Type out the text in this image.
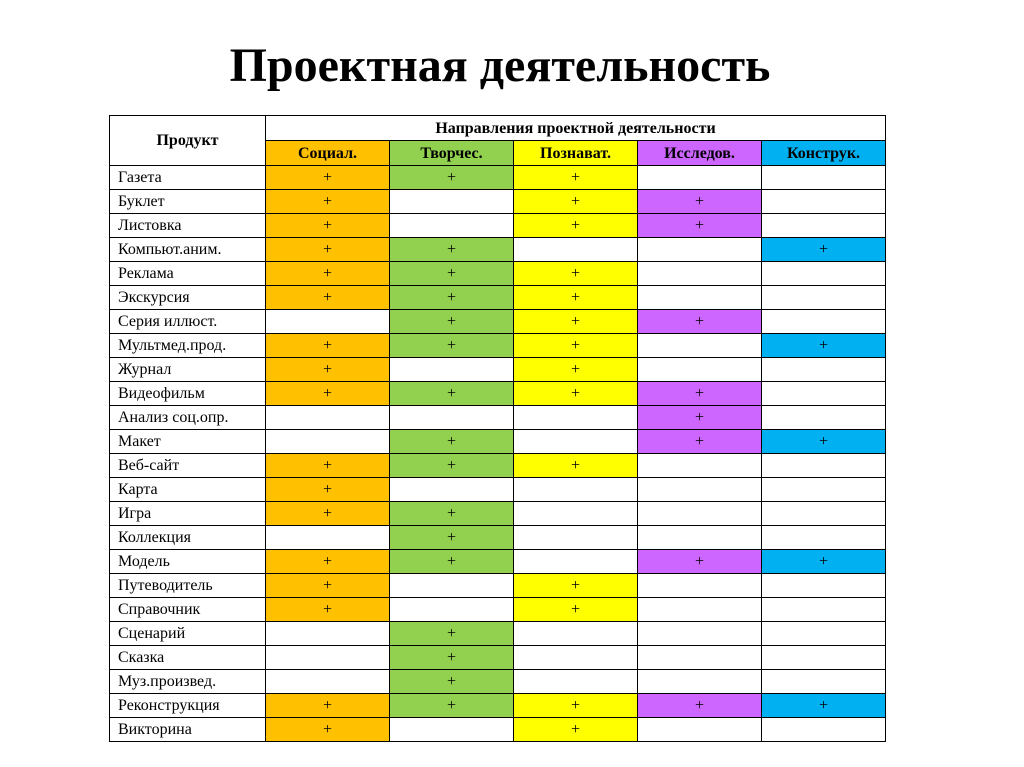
Проектная деятельность
Продукт	Направления проектной деятельности				
	Социал.	Творчес.	Познават.	Исследов.	Конструк.
Газета	+	+	+		
Буклет	+		+	+	
Листовка	+		+	+	
Компьют.аним.	+	+			+
Реклама	+	+	+		
Экскурсия	+	+	+		
Серия иллюст.		+	+	+	
Мультмед.прод.	+	+	+		+
Журнал	+		+		
Видеофильм	+	+	+	+	
Анализ соц.опр.				+	
Макет		+		+	+
Веб-сайт	+	+	+		
Карта	+				
Игра	+	+			
Коллекция		+			
Модель	+	+		+	+
Путеводитель	+		+		
Справочник	+		+		
Сценарий		+			
Сказка		+			
Муз.произвед.		+			
Реконструкция	+	+	+	+	+
Викторина	+		+		
